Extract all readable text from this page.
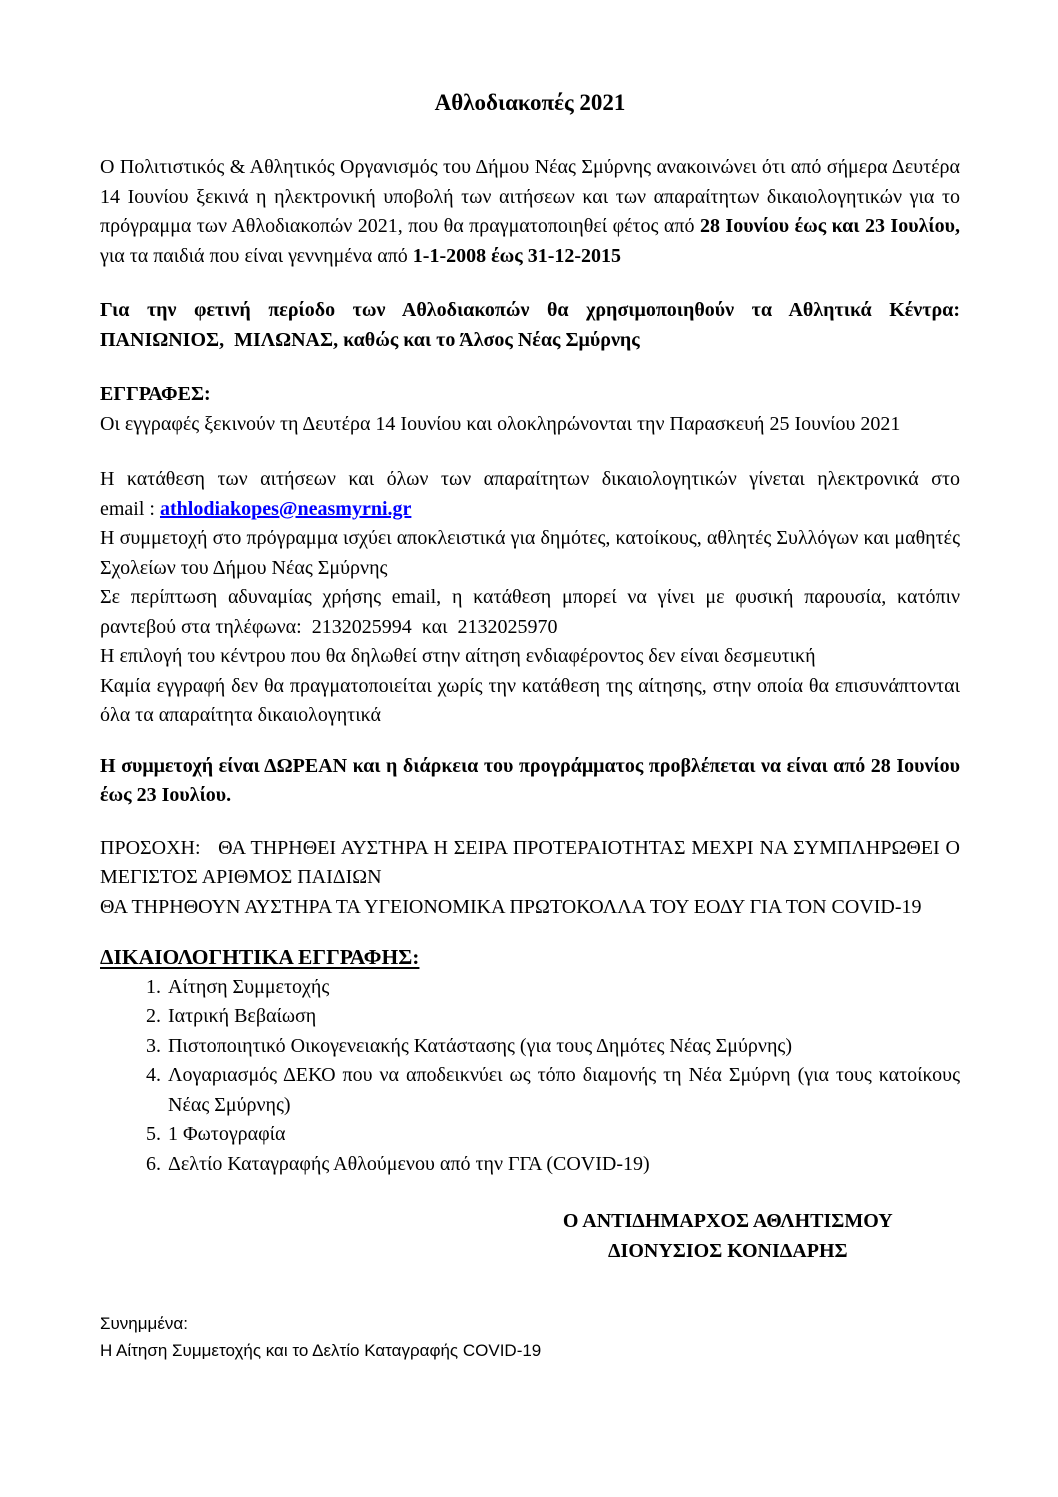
Αθλοδιακοπές 2021

Ο Πολιτιστικός & Αθλητικός Οργανισμός του Δήμου Νέας Σμύρνης ανακοινώνει ότι από σήμερα Δευτέρα 14 Ιουνίου ξεκινά η ηλεκτρονική υποβολή των αιτήσεων και των απαραίτητων δικαιολογητικών για το πρόγραμμα των Αθλοδιακοπών 2021, που θα πραγματοποιηθεί φέτος από 28 Ιουνίου έως και 23 Ιουλίου, για τα παιδιά που είναι γεννημένα από 1-1-2008 έως 31-12-2015

Για την φετινή περίοδο των Αθλοδιακοπών θα χρησιμοποιηθούν τα Αθλητικά Κέντρα: ΠΑΝΙΩΝΙΟΣ,  ΜΙΛΩΝΑΣ, καθώς και το Άλσος Νέας Σμύρνης

ΕΓΓΡΑΦΕΣ:

Οι εγγραφές ξεκινούν τη Δευτέρα 14 Ιουνίου και ολοκληρώνονται την Παρασκευή 25 Ιουνίου 2021

Η κατάθεση των αιτήσεων και όλων των απαραίτητων δικαιολογητικών γίνεται ηλεκτρονικά στο

email : athlodiakopes@neasmyrni.gr

Η συμμετοχή στο πρόγραμμα ισχύει αποκλειστικά για δημότες, κατοίκους, αθλητές Συλλόγων και μαθητές Σχολείων του Δήμου Νέας Σμύρνης

Σε περίπτωση αδυναμίας χρήσης email, η κατάθεση μπορεί να γίνει με φυσική παρουσία, κατόπιν ραντεβού στα τηλέφωνα:  2132025994  και  2132025970

Η επιλογή του κέντρου που θα δηλωθεί στην αίτηση ενδιαφέροντος δεν είναι δεσμευτική

Καμία εγγραφή δεν θα πραγματοποιείται χωρίς την κατάθεση της αίτησης, στην οποία θα επισυνάπτονται όλα τα απαραίτητα δικαιολογητικά

Η συμμετοχή είναι ΔΩΡΕΑΝ και η διάρκεια του προγράμματος προβλέπεται να είναι από 28 Ιουνίου έως 23 Ιουλίου.

ΠΡΟΣΟΧΗ:   ΘΑ ΤΗΡΗΘΕΙ ΑΥΣΤΗΡΑ Η ΣΕΙΡΑ ΠΡΟΤΕΡΑΙΟΤΗΤΑΣ ΜΕΧΡΙ ΝΑ ΣΥΜΠΛΗΡΩΘΕΙ Ο ΜΕΓΙΣΤΟΣ ΑΡΙΘΜΟΣ ΠΑΙΔΙΩΝ

ΘΑ ΤΗΡΗΘΟΥΝ ΑΥΣΤΗΡΑ ΤΑ ΥΓΕΙΟΝΟΜΙΚΑ ΠΡΩΤΟΚΟΛΛΑ ΤΟΥ ΕΟΔΥ ΓΙΑ ΤΟΝ COVID-19

ΔΙΚΑΙΟΛΟΓΗΤΙΚΑ ΕΓΓΡΑΦΗΣ:

1. Αίτηση Συμμετοχής
2. Ιατρική Βεβαίωση
3. Πιστοποιητικό Οικογενειακής Κατάστασης (για τους Δημότες Νέας Σμύρνης)
4. Λογαριασμός ΔΕΚΟ που να αποδεικνύει ως τόπο διαμονής τη Νέα Σμύρνη (για τους κατοίκους Νέας Σμύρνης)
5. 1 Φωτογραφία
6. Δελτίο Καταγραφής Αθλούμενου από την ΓΓΑ (COVID-19)

Ο ΑΝΤΙΔΗΜΑΡΧΟΣ ΑΘΛΗΤΙΣΜΟΥ

ΔΙΟΝΥΣΙΟΣ ΚΟΝΙΔΑΡΗΣ

Συνημμένα:

Η Αίτηση Συμμετοχής και το Δελτίο Καταγραφής COVID-19
